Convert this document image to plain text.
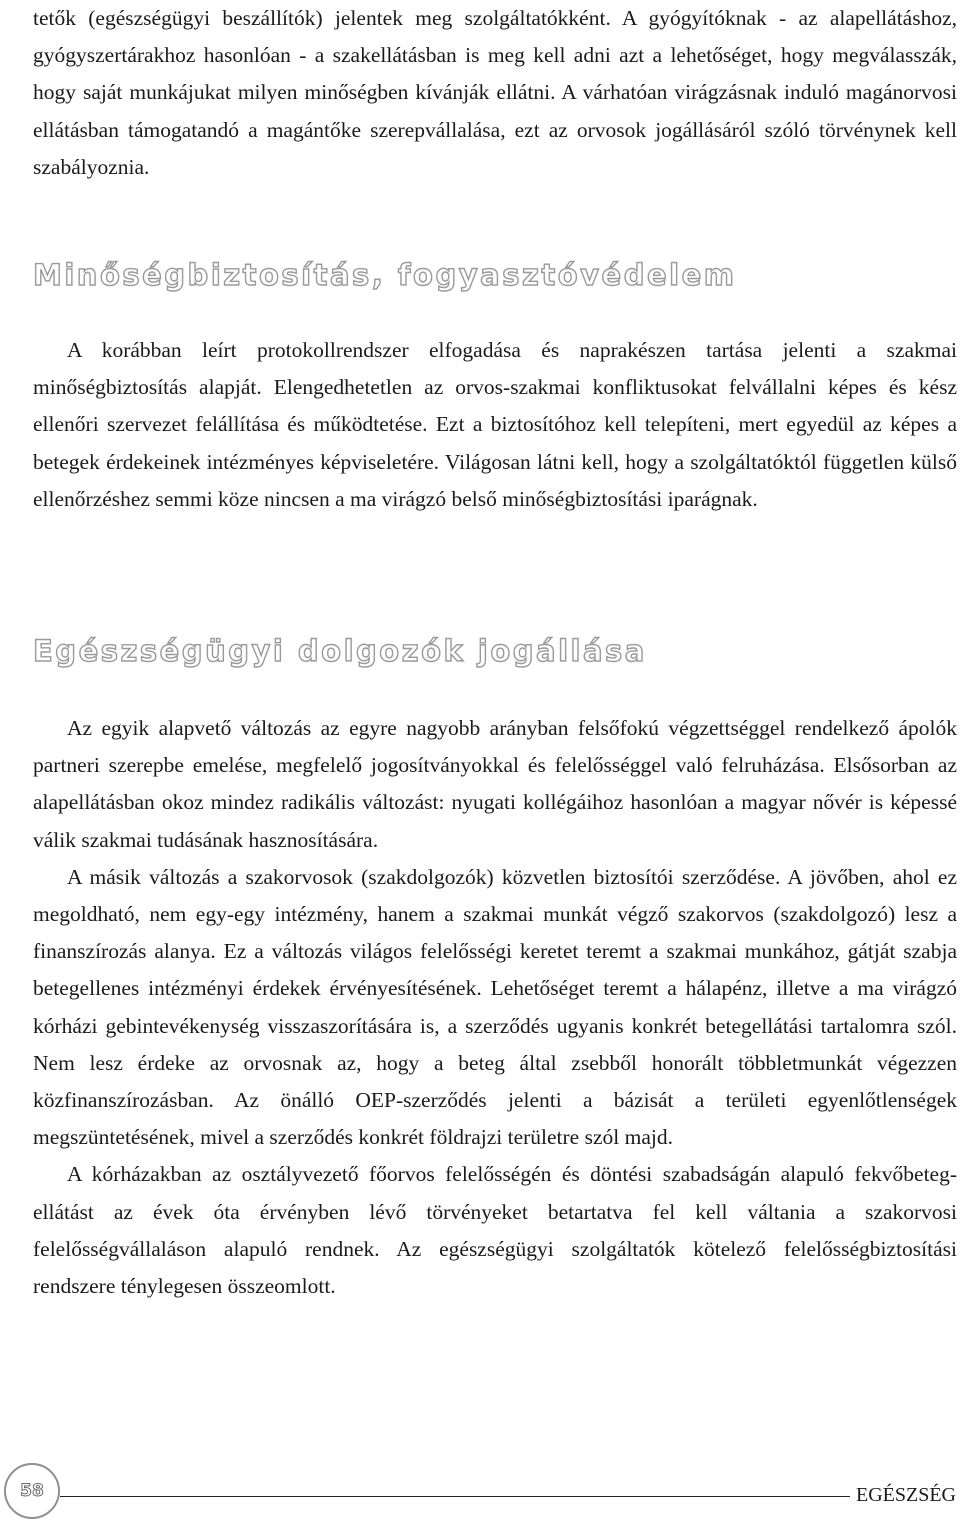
tetők (egészségügyi beszállítók) jelentek meg szolgáltatókként. A gyógyítóknak - az alapellátáshoz, gyógyszertárakhoz hasonlóan - a szakellátásban is meg kell adni azt a lehetőséget, hogy megválasszák, hogy saját munkájukat milyen minőségben kívánják ellátni. A várhatóan virágzásnak induló magánorvosi ellátásban támogatandó a magántőke szerepvállalása, ezt az orvosok jogállásáról szóló törvénynek kell szabályoznia.

Minőségbiztosítás, fogyasztóvédelem

A korábban leírt protokollrendszer elfogadása és naprakészen tartása jelenti a szakmai minőségbiztosítás alapját. Elengedhetetlen az orvos-szakmai konfliktusokat felvállalni képes és kész ellenőri szervezet felállítása és működtetése. Ezt a biztosítóhoz kell telepíteni, mert egyedül az képes a betegek érdekeinek intézményes képviseletére. Világosan látni kell, hogy a szolgáltatóktól független külső ellenőrzéshez semmi köze nincsen a ma virágzó belső minőségbiztosítási iparágnak.

Egészségügyi dolgozók jogállása

Az egyik alapvető változás az egyre nagyobb arányban felsőfokú végzettséggel rendelkező ápolók partneri szerepbe emelése, megfelelő jogosítványokkal és felelősséggel való felruházása. Elsősorban az alapellátásban okoz mindez radikális változást: nyugati kollégáihoz hasonlóan a magyar nővér is képessé válik szakmai tudásának hasznosítására.

A másik változás a szakorvosok (szakdolgozók) közvetlen biztosítói szerződése. A jövőben, ahol ez megoldható, nem egy-egy intézmény, hanem a szakmai munkát végző szakorvos (szakdolgozó) lesz a finanszírozás alanya. Ez a változás világos felelősségi keretet teremt a szakmai munkához, gátját szabja betegellenes intézményi érdekek érvényesítésének. Lehetőséget teremt a hálapénz, illetve a ma virágzó kórházi gebintevékenység visszaszorítására is, a szerződés ugyanis konkrét betegellátási tartalomra szól. Nem lesz érdeke az orvosnak az, hogy a beteg által zsebből honorált többletmunkát végezzen közfinanszírozásban. Az önálló OEP-szerződés jelenti a bázisát a területi egyenlőtlenségek megszüntetésének, mivel a szerződés konkrét földrajzi területre szól majd.

A kórházakban az osztályvezető főorvos felelősségén és döntési szabadságán alapuló fekvőbeteg-ellátást az évek óta érvényben lévő törvényeket betartatva fel kell váltania a szakorvosi felelősségvállaláson alapuló rendnek. Az egészségügyi szolgáltatók kötelező felelősségbiztosítási rendszere ténylegesen összeomlott.

58	EGÉSZSÉG
